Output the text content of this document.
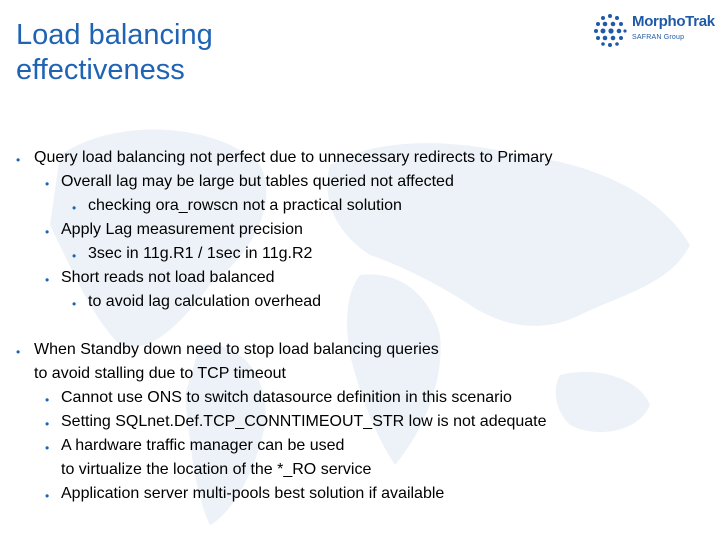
Load balancing
effectiveness
MorphoTrak
SAFRAN Group
• Query load balancing not perfect due to unnecessary redirects to Primary
• Overall lag may be large but tables queried not affected
• checking ora_rowscn not a practical solution
• Apply Lag measurement precision
• 3sec in 11g.R1 / 1sec in 11g.R2
• Short reads not load balanced
• to avoid lag calculation overhead
• When Standby down need to stop load balancing queries
to avoid stalling due to TCP timeout
• Cannot use ONS to switch datasource definition in this scenario
• Setting SQLnet.Def.TCP_CONNTIMEOUT_STR low is not adequate
• A hardware traffic manager can be used
to virtualize the location of the *_RO service
• Application server multi-pools best solution if available
